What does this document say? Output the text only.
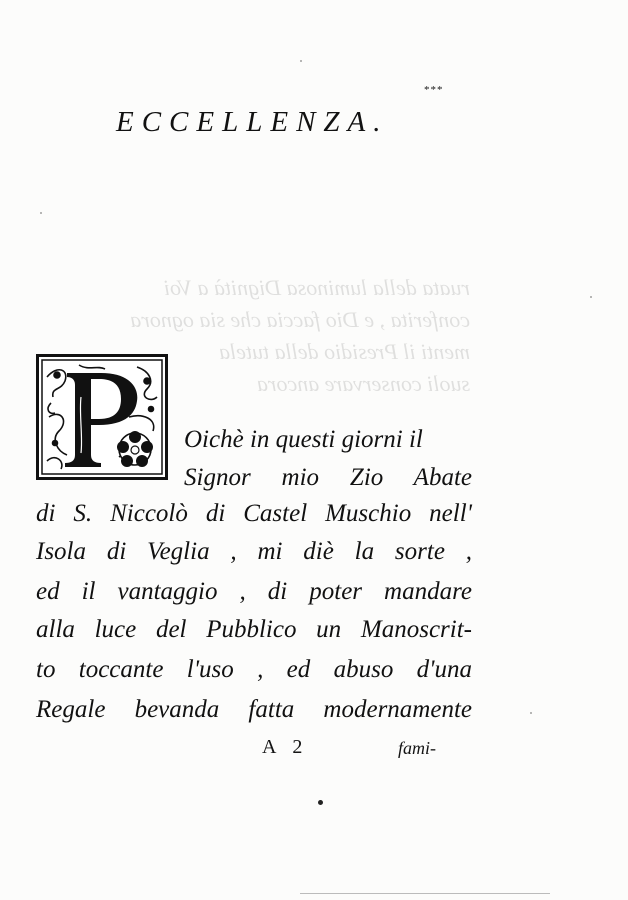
ruata della luminosa Dignità a Voi
conferita , e Dio faccia che sia ognora
menti il Presidio della tutela
suoli conservare ancora
***
ECCELLENZA.
Oichè in questi giorni il
Signor mio Zio Abate
di S. Niccolò di Castel Muschio nell'
Isola di Veglia , mi diè la sorte ,
ed il vantaggio , di poter mandare
alla luce del Pubblico un Manoscrit-
to toccante l'uso , ed abuso d'una
Regale bevanda fatta modernamente
A 2	fami-
